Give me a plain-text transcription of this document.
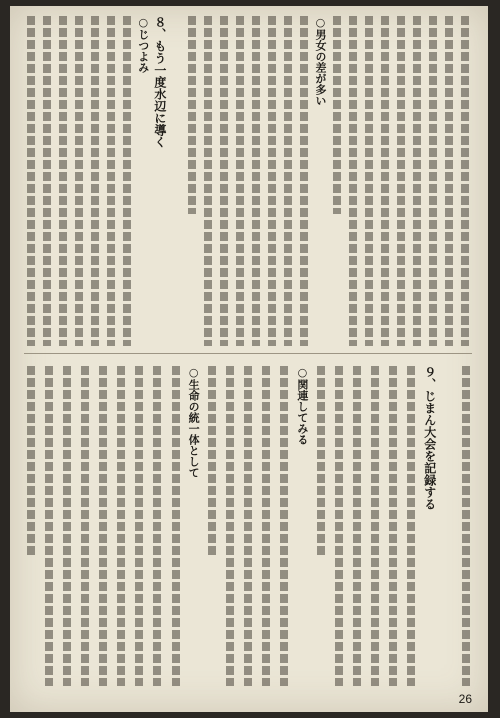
○男女の差が多い
８、もう一度水辺に導く
○じつよみ
９、じまん大会を記録する
○関連してみる
○生命の統一体として
26
